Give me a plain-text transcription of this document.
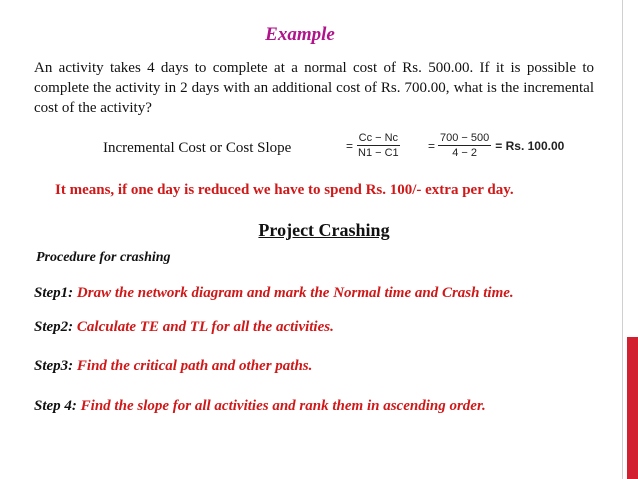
Example
An activity takes 4 days to complete at a normal cost of Rs. 500.00. If it is possible to complete the activity in 2 days with an additional cost of Rs. 700.00, what is the incremental cost of the activity?
Incremental Cost or Cost Slope	= $\frac{Cc - Nc}{N1 - C1} = \frac{700 - 500}{4 - 2} = Rs$. 100.00
It means, if one day is reduced we have to spend Rs. 100/- extra per day.
Project Crashing
Procedure for crashing
Step1: Draw the network diagram and mark the Normal time and Crash time.
Step2: Calculate TE and TL for all the activities.
Step3: Find the critical path and other paths.
Step 4: Find the slope for all activities and rank them in ascending order.
